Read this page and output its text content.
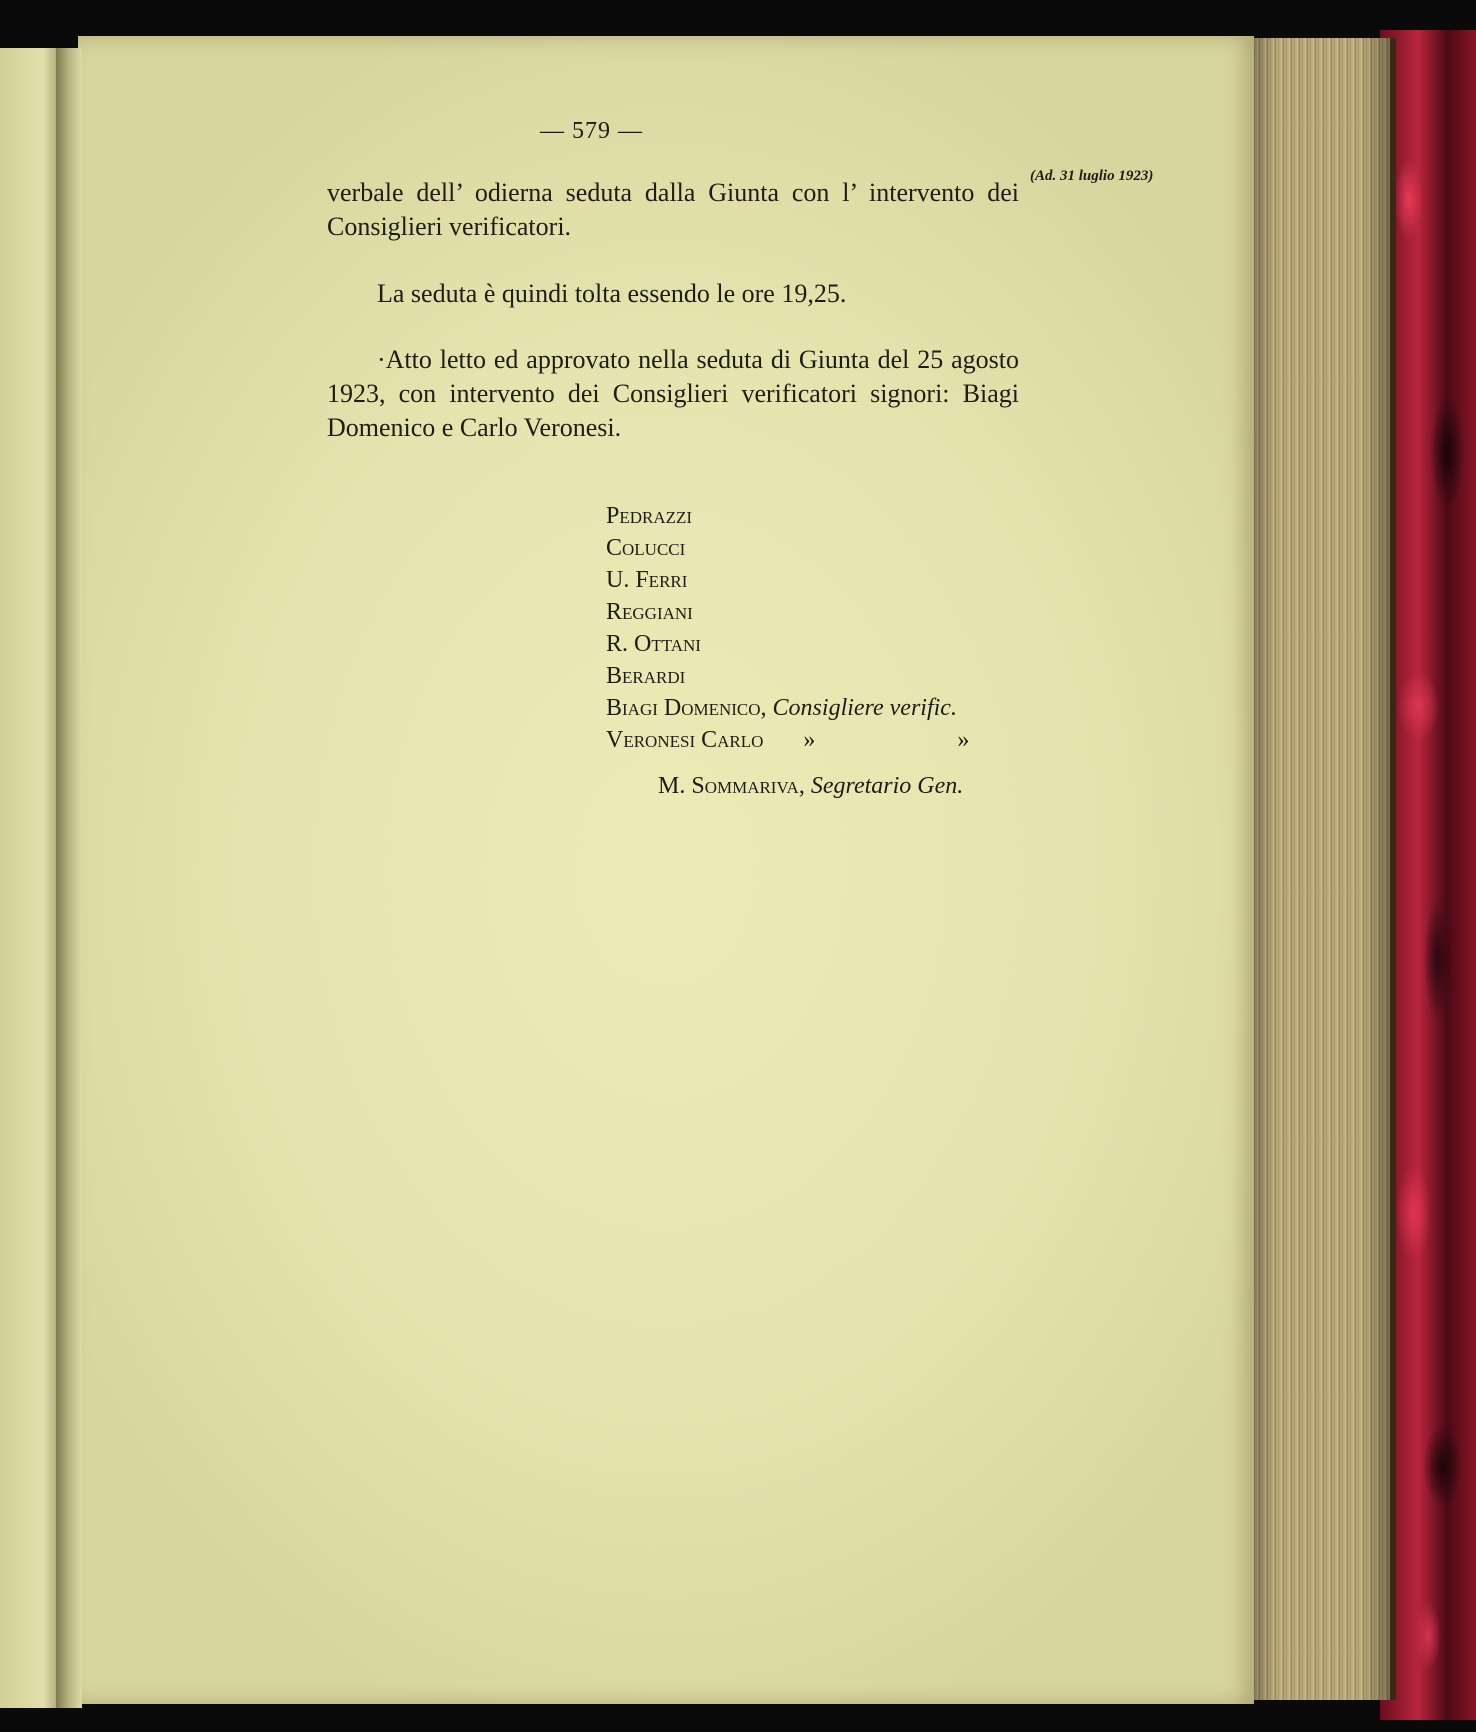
— 579 —
(Ad. 31 luglio 1923)
verbale dell’ odierna seduta dalla Giunta con l’ intervento dei Consiglieri verificatori.
La seduta è quindi tolta essendo le ore 19,25.
·Atto letto ed approvato nella seduta di Giunta del 25 agosto 1923, con intervento dei Consiglieri verificatori signori: Biagi Domenico e Carlo Veronesi.
Pedrazzi
Colucci
U. Ferri
Reggiani
R. Ottani
Berardi
Biagi Domenico, Consigliere verific.
Veronesi Carlo »	»
M. Sommariva, Segretario Gen.
